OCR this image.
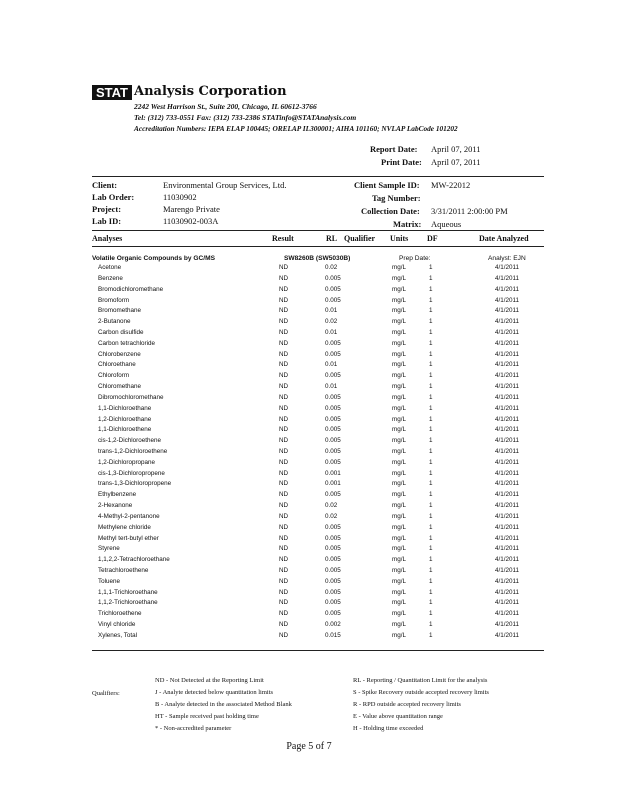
STAT Analysis Corporation
2242 West Harrison St., Suite 200, Chicago, IL 60612-3766
Tel: (312) 733-0551 Fax: (312) 733-2386 STATinfo@STATAnalysis.com
Accreditation Numbers: IEPA ELAP 100445; ORELAP IL300001; AIHA 101160; NVLAP LabCode 101202
Report Date: April 07, 2011
Print Date: April 07, 2011
Client:	Environmental Group Services, Ltd.
Lab Order:	11030902
Project:	Marengo Private
Lab ID:	11030902-003A
Client Sample ID: MW-22012
Tag Number:
Collection Date: 3/31/2011 2:00:00 PM
Matrix: Aqueous
Analyses	Result	RL Qualifier Units DF	Date Analyzed
Volatile Organic Compounds by GC/MS	SW8260B (SW5030B)	Prep Date:	Analyst: EJN
Acetone	ND	0.02	mg/L	1	4/1/2011
Benzene	ND	0.005	mg/L	1	4/1/2011
Bromodichloromethane	ND	0.005	mg/L	1	4/1/2011
Bromoform	ND	0.005	mg/L	1	4/1/2011
Bromomethane	ND	0.01	mg/L	1	4/1/2011
2-Butanone	ND	0.02	mg/L	1	4/1/2011
Carbon disulfide	ND	0.01	mg/L	1	4/1/2011
Carbon tetrachloride	ND	0.005	mg/L	1	4/1/2011
Chlorobenzene	ND	0.005	mg/L	1	4/1/2011
Chloroethane	ND	0.01	mg/L	1	4/1/2011
Chloroform	ND	0.005	mg/L	1	4/1/2011
Chloromethane	ND	0.01	mg/L	1	4/1/2011
Dibromochloromethane	ND	0.005	mg/L	1	4/1/2011
1,1-Dichloroethane	ND	0.005	mg/L	1	4/1/2011
1,2-Dichloroethane	ND	0.005	mg/L	1	4/1/2011
1,1-Dichloroethene	ND	0.005	mg/L	1	4/1/2011
cis-1,2-Dichloroethene	ND	0.005	mg/L	1	4/1/2011
trans-1,2-Dichloroethene	ND	0.005	mg/L	1	4/1/2011
1,2-Dichloropropane	ND	0.005	mg/L	1	4/1/2011
cis-1,3-Dichloropropene	ND	0.001	mg/L	1	4/1/2011
trans-1,3-Dichloropropene	ND	0.001	mg/L	1	4/1/2011
Ethylbenzene	ND	0.005	mg/L	1	4/1/2011
2-Hexanone	ND	0.02	mg/L	1	4/1/2011
4-Methyl-2-pentanone	ND	0.02	mg/L	1	4/1/2011
Methylene chloride	ND	0.005	mg/L	1	4/1/2011
Methyl tert-butyl ether	ND	0.005	mg/L	1	4/1/2011
Styrene	ND	0.005	mg/L	1	4/1/2011
1,1,2,2-Tetrachloroethane	ND	0.005	mg/L	1	4/1/2011
Tetrachloroethene	ND	0.005	mg/L	1	4/1/2011
Toluene	ND	0.005	mg/L	1	4/1/2011
1,1,1-Trichloroethane	ND	0.005	mg/L	1	4/1/2011
1,1,2-Trichloroethane	ND	0.005	mg/L	1	4/1/2011
Trichloroethene	ND	0.005	mg/L	1	4/1/2011
Vinyl chloride	ND	0.002	mg/L	1	4/1/2011
Xylenes, Total	ND	0.015	mg/L	1	4/1/2011
Qualifiers:
ND - Not Detected at the Reporting Limit
J - Analyte detected below quantitation limits
B - Analyte detected in the associated Method Blank
HT - Sample received past holding time
* - Non-accredited parameter
RL - Reporting / Quantitation Limit for the analysis
S - Spike Recovery outside accepted recovery limits
R - RPD outside accepted recovery limits
E - Value above quantitation range
H - Holding time exceeded
Page 5 of 7
